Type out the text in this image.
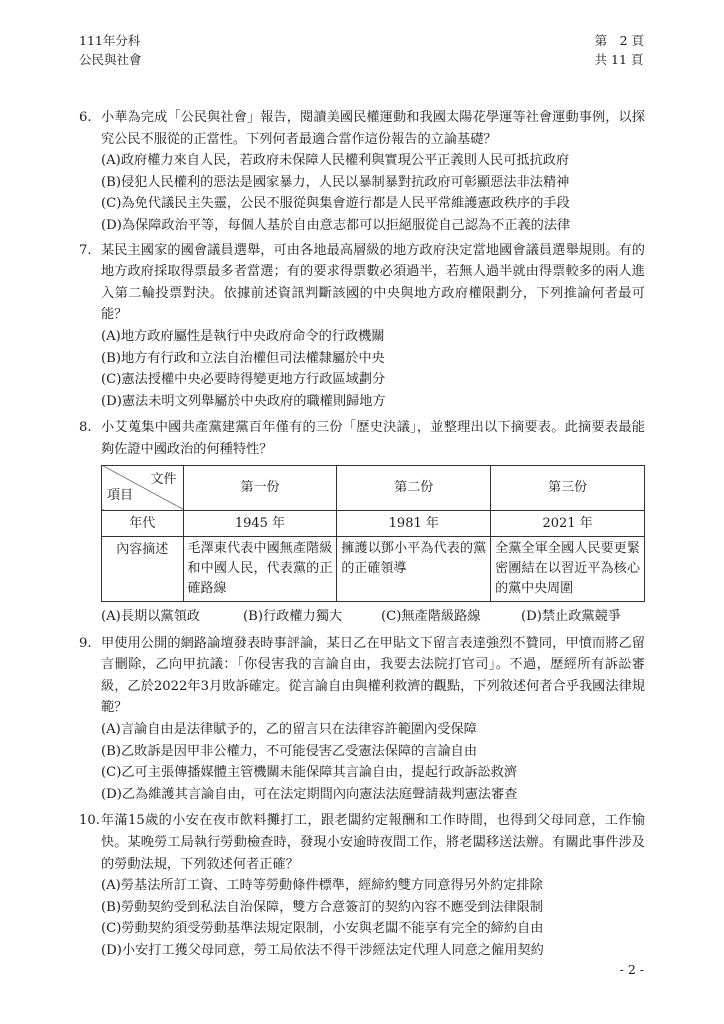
111年分科
公民與社會
第　2 頁
共 11 頁
6. 小華為完成「公民與社會」報告，閱讀美國民權運動和我國太陽花學運等社會運動事例，以探究公民不服從的正當性。下列何者最適合當作這份報告的立論基礎？
(A)政府權力來自人民，若政府未保障人民權利與實現公平正義則人民可抵抗政府
(B)侵犯人民權利的惡法是國家暴力，人民以暴制暴對抗政府可彰顯惡法非法精神
(C)為免代議民主失靈，公民不服從與集會遊行都是人民平常維護憲政秩序的手段
(D)為保障政治平等，每個人基於自由意志都可以拒絕服從自己認為不正義的法律
7. 某民主國家的國會議員選舉，可由各地最高層級的地方政府決定當地國會議員選舉規則。有的地方政府採取得票最多者當選；有的要求得票數必須過半，若無人過半就由得票較多的兩人進入第二輪投票對決。依據前述資訊判斷該國的中央與地方政府權限劃分，下列推論何者最可能？
(A)地方政府屬性是執行中央政府命令的行政機關
(B)地方有行政和立法自治權但司法權隸屬於中央
(C)憲法授權中央必要時得變更地方行政區域劃分
(D)憲法未明文列舉屬於中央政府的職權則歸地方
8. 小艾蒐集中國共產黨建黨百年僅有的三份「歷史決議」，並整理出以下摘要表。此摘要表最能夠佐證中國政治的何種特性？
文件
項目	第一份	第二份	第三份
年代	1945 年	1981 年	2021 年
內容摘述	毛澤東代表中國無產階級和中國人民，代表黨的正確路線	擁護以鄧小平為代表的黨的正確領導	全黨全軍全國人民要更緊密團結在以習近平為核心的黨中央周圍
(A)長期以黨領政	(B)行政權力獨大	(C)無產階級路線	(D)禁止政黨競爭
9. 甲使用公開的網路論壇發表時事評論，某日乙在甲貼文下留言表達強烈不贊同，甲憤而將乙留言刪除，乙向甲抗議：「你侵害我的言論自由，我要去法院打官司」。不過，歷經所有訴訟審級，乙於2022年3月敗訴確定。從言論自由與權利救濟的觀點，下列敘述何者合乎我國法律規範？
(A)言論自由是法律賦予的，乙的留言只在法律容許範圍內受保障
(B)乙敗訴是因甲非公權力，不可能侵害乙受憲法保障的言論自由
(C)乙可主張傳播媒體主管機關未能保障其言論自由，提起行政訴訟救濟
(D)乙為維護其言論自由，可在法定期間內向憲法法庭聲請裁判憲法審查
10. 年滿15歲的小安在夜市飲料攤打工，跟老闆約定報酬和工作時間，也得到父母同意，工作愉快。某晚勞工局執行勞動檢查時，發現小安逾時夜間工作，將老闆移送法辦。有關此事件涉及的勞動法規，下列敘述何者正確？
(A)勞基法所訂工資、工時等勞動條件標準，經締約雙方同意得另外約定排除
(B)勞動契約受到私法自治保障，雙方合意簽訂的契約內容不應受到法律限制
(C)勞動契約須受勞動基準法規定限制，小安與老闆不能享有完全的締約自由
(D)小安打工獲父母同意，勞工局依法不得干涉經法定代理人同意之僱用契約
- 2 -
